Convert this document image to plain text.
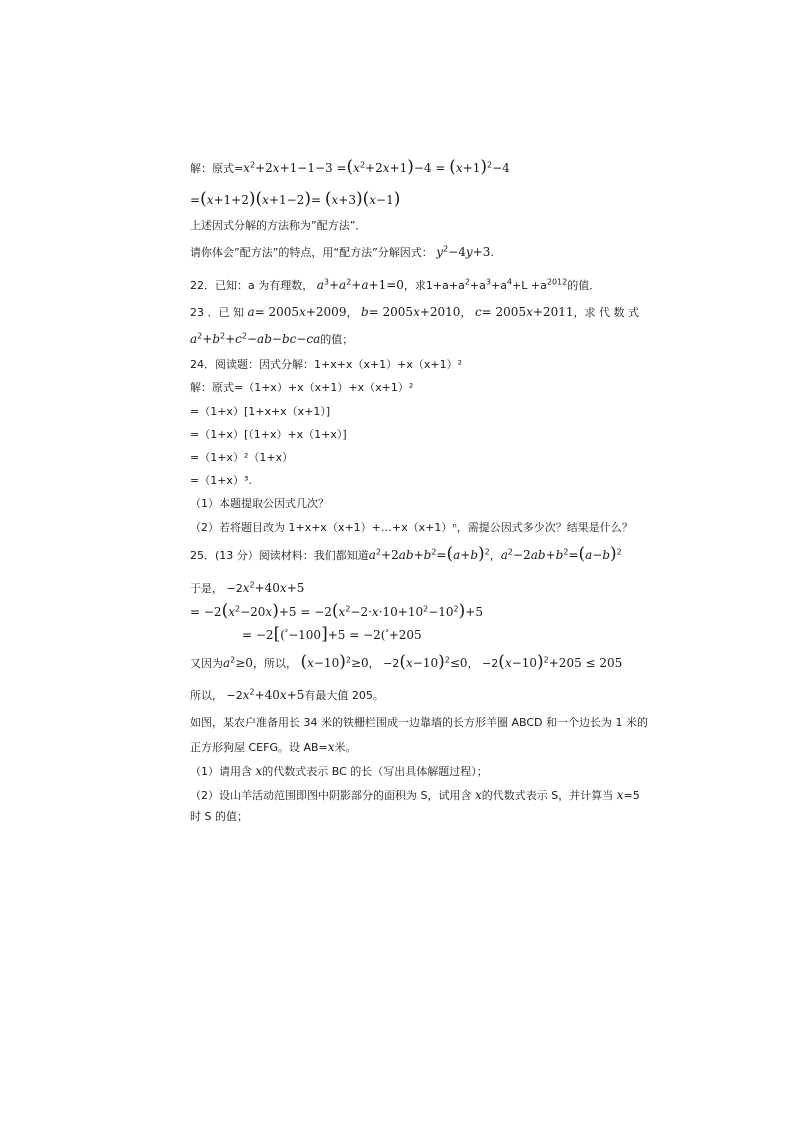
解：原式$=x^2+2x+1-1-3 =(x^2+2x+1)-4 = (x+1)^2-4$
=(x+1+2)(x+1−2)= (x+3)(x−1)
上述因式分解的方法称为”配方法”．
请你体会”配方法”的特点，用“配方法”分解因式： $y^2-4y+3$.
22．已知：a 为有理数， $a^3+a^2+a+1=0$，求$1+a+a^2+a^3+a^4+L +a^{2012}$的值．
23 ．已 知 a= 2005x+2009， b= 2005x+2010， c= 2005x+2011，求 代 数 式
$a^2+b^2+c^2-ab-bc-ca$的值；
24．阅读题：因式分解：1+x+x（x+1）+x（x+1）²
解：原式=（1+x）+x（x+1）+x（x+1）²
=（1+x）[1+x+x（x+1）]
=（1+x）[（1+x）+x（1+x）]
=（1+x）²（1+x）
=（1+x）³.
（1）本题提取公因式几次？
（2）若将题目改为 1+x+x（x+1）+…+x（x+1）ⁿ，需提公因式多少次？结果是什么？
25．(13 分）阅读材料：我们都知道$a^2+2ab+b^2=(a+b)^2$，$a^2-2ab+b^2=(a-b)^2$
于是， $-2x^2+40x+5$
= $-2(x^2-20x)+5 = -2(x^2-2\cdot x\cdot 10+10^2-10^2)+5$
= −2[($^{^2}$−100]+5 = −2($^{^2}$+205
又因为$a^2\ge 0$，所以， $(x-10)^2\ge 0$， $-2(x-10)^2\le 0$， $-2(x-10)^2+205 \le 205$
所以， $-2x^2+40x+5$有最大值 205。
如图，某农户准备用长 34 米的铁栅栏围成一边靠墙的长方形羊圈 ABCD 和一个边长为 1 米的
正方形狗屋 CEFG。设 AB=x米。
（1）请用含 x的代数式表示 BC 的长（写出具体解题过程）；
（2）设山羊活动范围即图中阴影部分的面积为 S，试用含 x的代数式表示 S，并计算当 x=5
时 S 的值；
